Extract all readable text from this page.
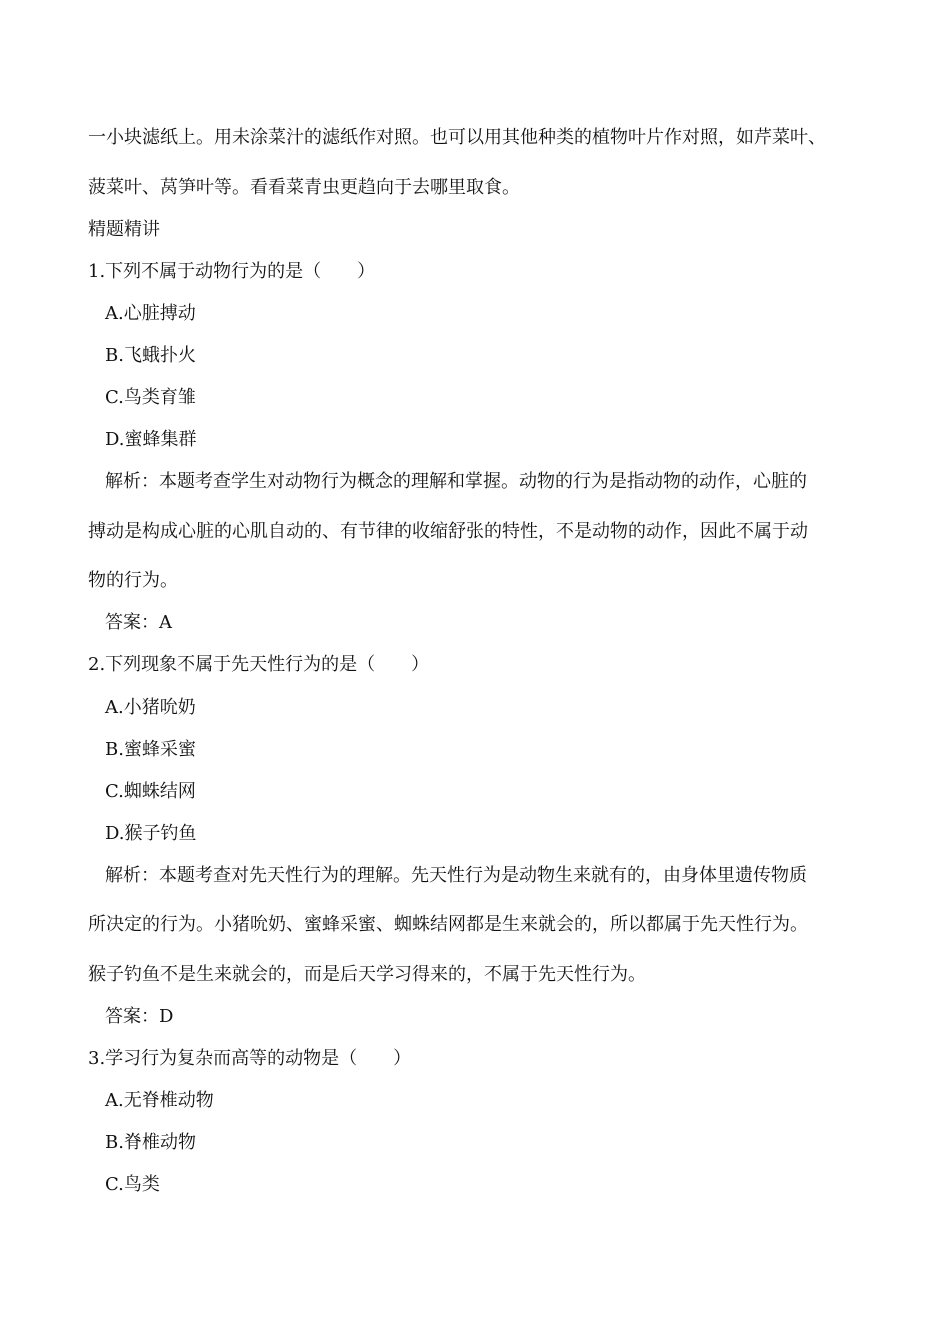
一小块滤纸上。用未涂菜汁的滤纸作对照。也可以用其他种类的植物叶片作对照，如芹菜叶、
菠菜叶、莴笋叶等。看看菜青虫更趋向于去哪里取食。
精题精讲
1.下列不属于动物行为的是（　　）
A.心脏搏动
B.飞蛾扑火
C.鸟类育雏
D.蜜蜂集群
解析：本题考查学生对动物行为概念的理解和掌握。动物的行为是指动物的动作，心脏的
搏动是构成心脏的心肌自动的、有节律的收缩舒张的特性，不是动物的动作，因此不属于动
物的行为。
答案：A
2.下列现象不属于先天性行为的是（　　）
A.小猪吮奶
B.蜜蜂采蜜
C.蜘蛛结网
D.猴子钓鱼
解析：本题考查对先天性行为的理解。先天性行为是动物生来就有的，由身体里遗传物质
所决定的行为。小猪吮奶、蜜蜂采蜜、蜘蛛结网都是生来就会的，所以都属于先天性行为。
猴子钓鱼不是生来就会的，而是后天学习得来的，不属于先天性行为。
答案：D
3.学习行为复杂而高等的动物是（　　）
A.无脊椎动物
B.脊椎动物
C.鸟类
